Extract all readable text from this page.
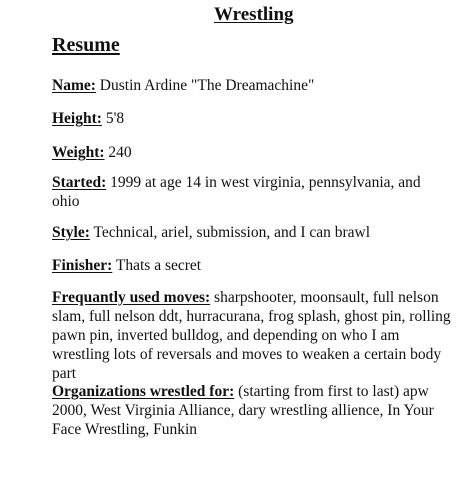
Wrestling
Resume
Name: Dustin Ardine "The Dreamachine"
Height: 5'8
Weight: 240
Started: 1999 at age 14 in west virginia, pennsylvania, and ohio
Style: Technical, ariel, submission, and I can brawl
Finisher: Thats a secret
Frequantly used moves: sharpshooter, moonsault, full nelson slam, full nelson ddt, hurracurana, frog splash, ghost pin, rolling pawn pin, inverted bulldog, and depending on who I am wrestling lots of reversals and moves to weaken a certain body part
Organizations wrestled for: (starting from first to last) apw 2000, West Virginia Alliance, dary wrestling allience, In Your Face Wrestling, Funkin
